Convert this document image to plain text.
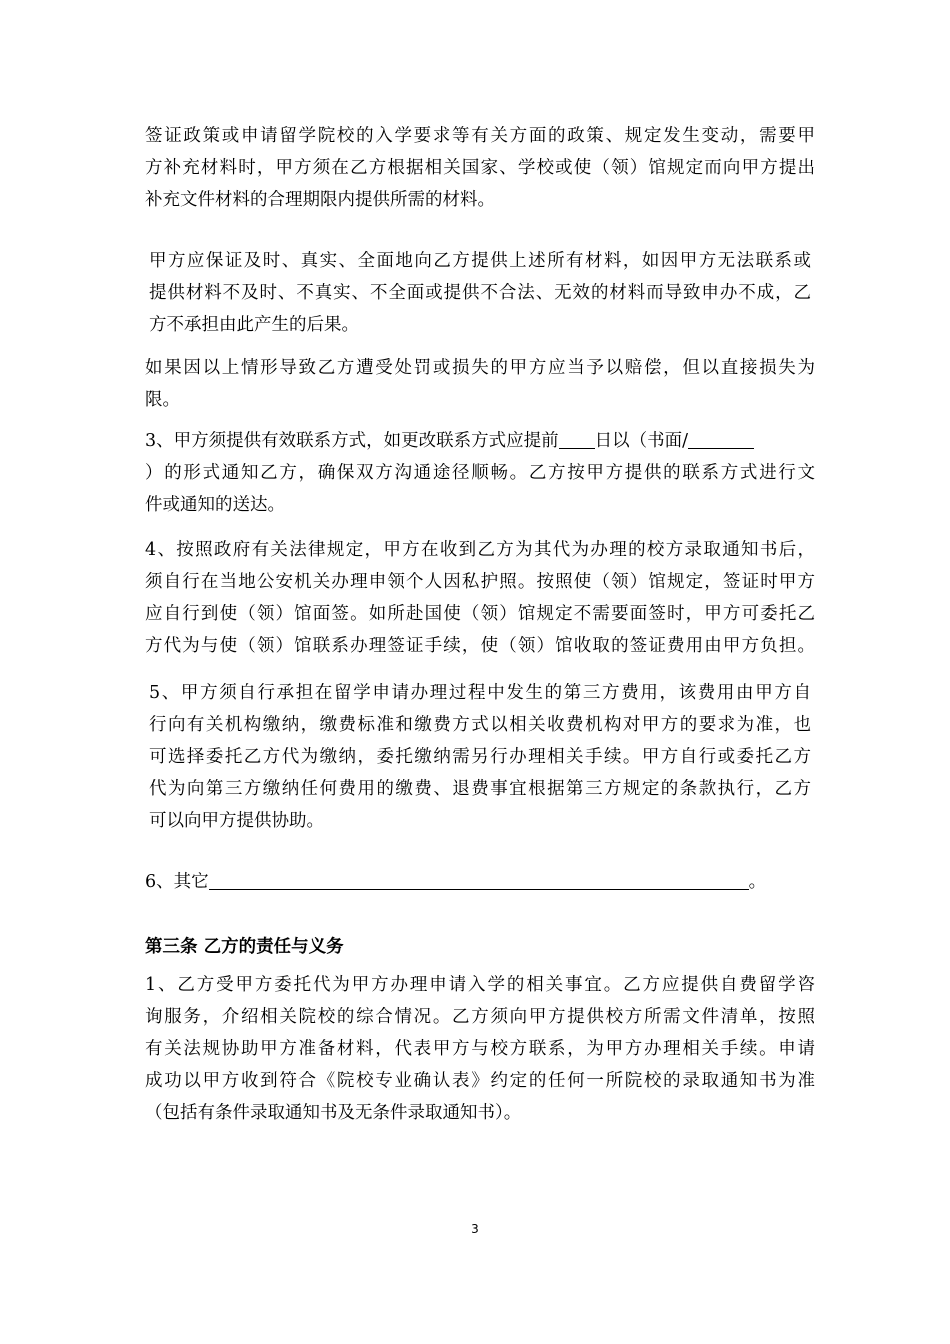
签证政策或申请留学院校的入学要求等有关方面的政策、规定发生变动，需要甲
方补充材料时，甲方须在乙方根据相关国家、学校或使（领）馆规定而向甲方提出
补充文件材料的合理期限内提供所需的材料。
甲方应保证及时、真实、全面地向乙方提供上述所有材料，如因甲方无法联系或
提供材料不及时、不真实、不全面或提供不合法、无效的材料而导致申办不成，乙
方不承担由此产生的后果。
如果因以上情形导致乙方遭受处罚或损失的甲方应当予以赔偿，但以直接损失为
限。
3、甲方须提供有效联系方式，如更改联系方式应提前 日以（书面/
）的形式通知乙方，确保双方沟通途径顺畅。乙方按甲方提供的联系方式进行文
件或通知的送达。
4、按照政府有关法律规定，甲方在收到乙方为其代为办理的校方录取通知书后，
须自行在当地公安机关办理申领个人因私护照。按照使（领）馆规定，签证时甲方
应自行到使（领）馆面签。如所赴国使（领）馆规定不需要面签时，甲方可委托乙
方代为与使（领）馆联系办理签证手续，使（领）馆收取的签证费用由甲方负担。
5、甲方须自行承担在留学申请办理过程中发生的第三方费用，该费用由甲方自
行向有关机构缴纳，缴费标准和缴费方式以相关收费机构对甲方的要求为准，也
可选择委托乙方代为缴纳，委托缴纳需另行办理相关手续。甲方自行或委托乙方
代为向第三方缴纳任何费用的缴费、退费事宜根据第三方规定的条款执行，乙方
可以向甲方提供协助。
6、其它	。
第三条 乙方的责任与义务
1、乙方受甲方委托代为甲方办理申请入学的相关事宜。乙方应提供自费留学咨
询服务，介绍相关院校的综合情况。乙方须向甲方提供校方所需文件清单，按照
有关法规协助甲方准备材料，代表甲方与校方联系，为甲方办理相关手续。申请
成功以甲方收到符合《院校专业确认表》约定的任何一所院校的录取通知书为准
（包括有条件录取通知书及无条件录取通知书）。
3
